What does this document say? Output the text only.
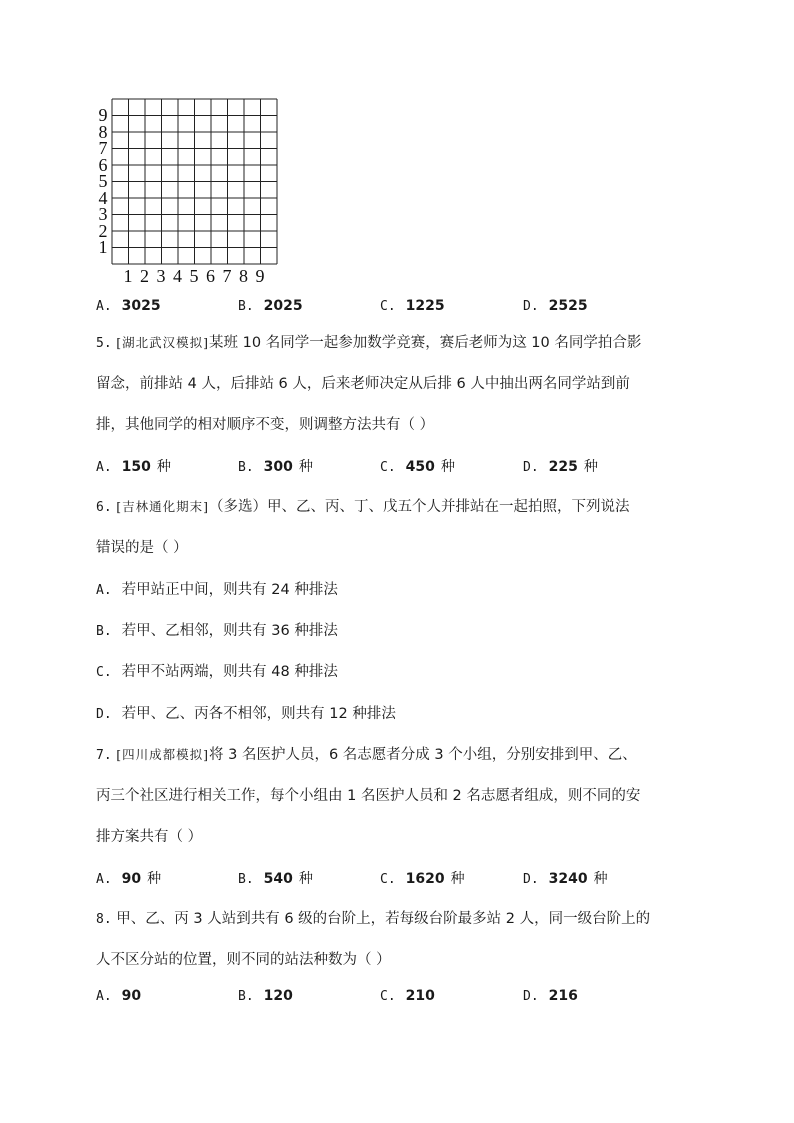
9
8
7
6
5
4
3
2
1
1 2 3 4 5 6 7 8 9
A. 3025	B. 2025	C. 1225	D. 2525
5. [湖北武汉模拟]某班 10 名同学一起参加数学竞赛，赛后老师为这 10 名同学拍合影
留念，前排站 4 人，后排站 6 人，后来老师决定从后排 6 人中抽出两名同学站到前
排，其他同学的相对顺序不变，则调整方法共有（ ）
A. 150 种	B. 300 种	C. 450 种	D. 225 种
6. [吉林通化期末]（多选）甲、乙、丙、丁、戊五个人并排站在一起拍照，下列说法
错误的是（ ）
A. 若甲站正中间，则共有 24 种排法
B. 若甲、乙相邻，则共有 36 种排法
C. 若甲不站两端，则共有 48 种排法
D. 若甲、乙、丙各不相邻，则共有 12 种排法
7. [四川成都模拟]将 3 名医护人员，6 名志愿者分成 3 个小组，分别安排到甲、乙、
丙三个社区进行相关工作，每个小组由 1 名医护人员和 2 名志愿者组成，则不同的安
排方案共有（ ）
A. 90 种	B. 540 种	C. 1620 种	D. 3240 种
8. 甲、乙、丙 3 人站到共有 6 级的台阶上，若每级台阶最多站 2 人，同一级台阶上的
人不区分站的位置，则不同的站法种数为（ ）
A. 90	B. 120	C. 210	D. 216
